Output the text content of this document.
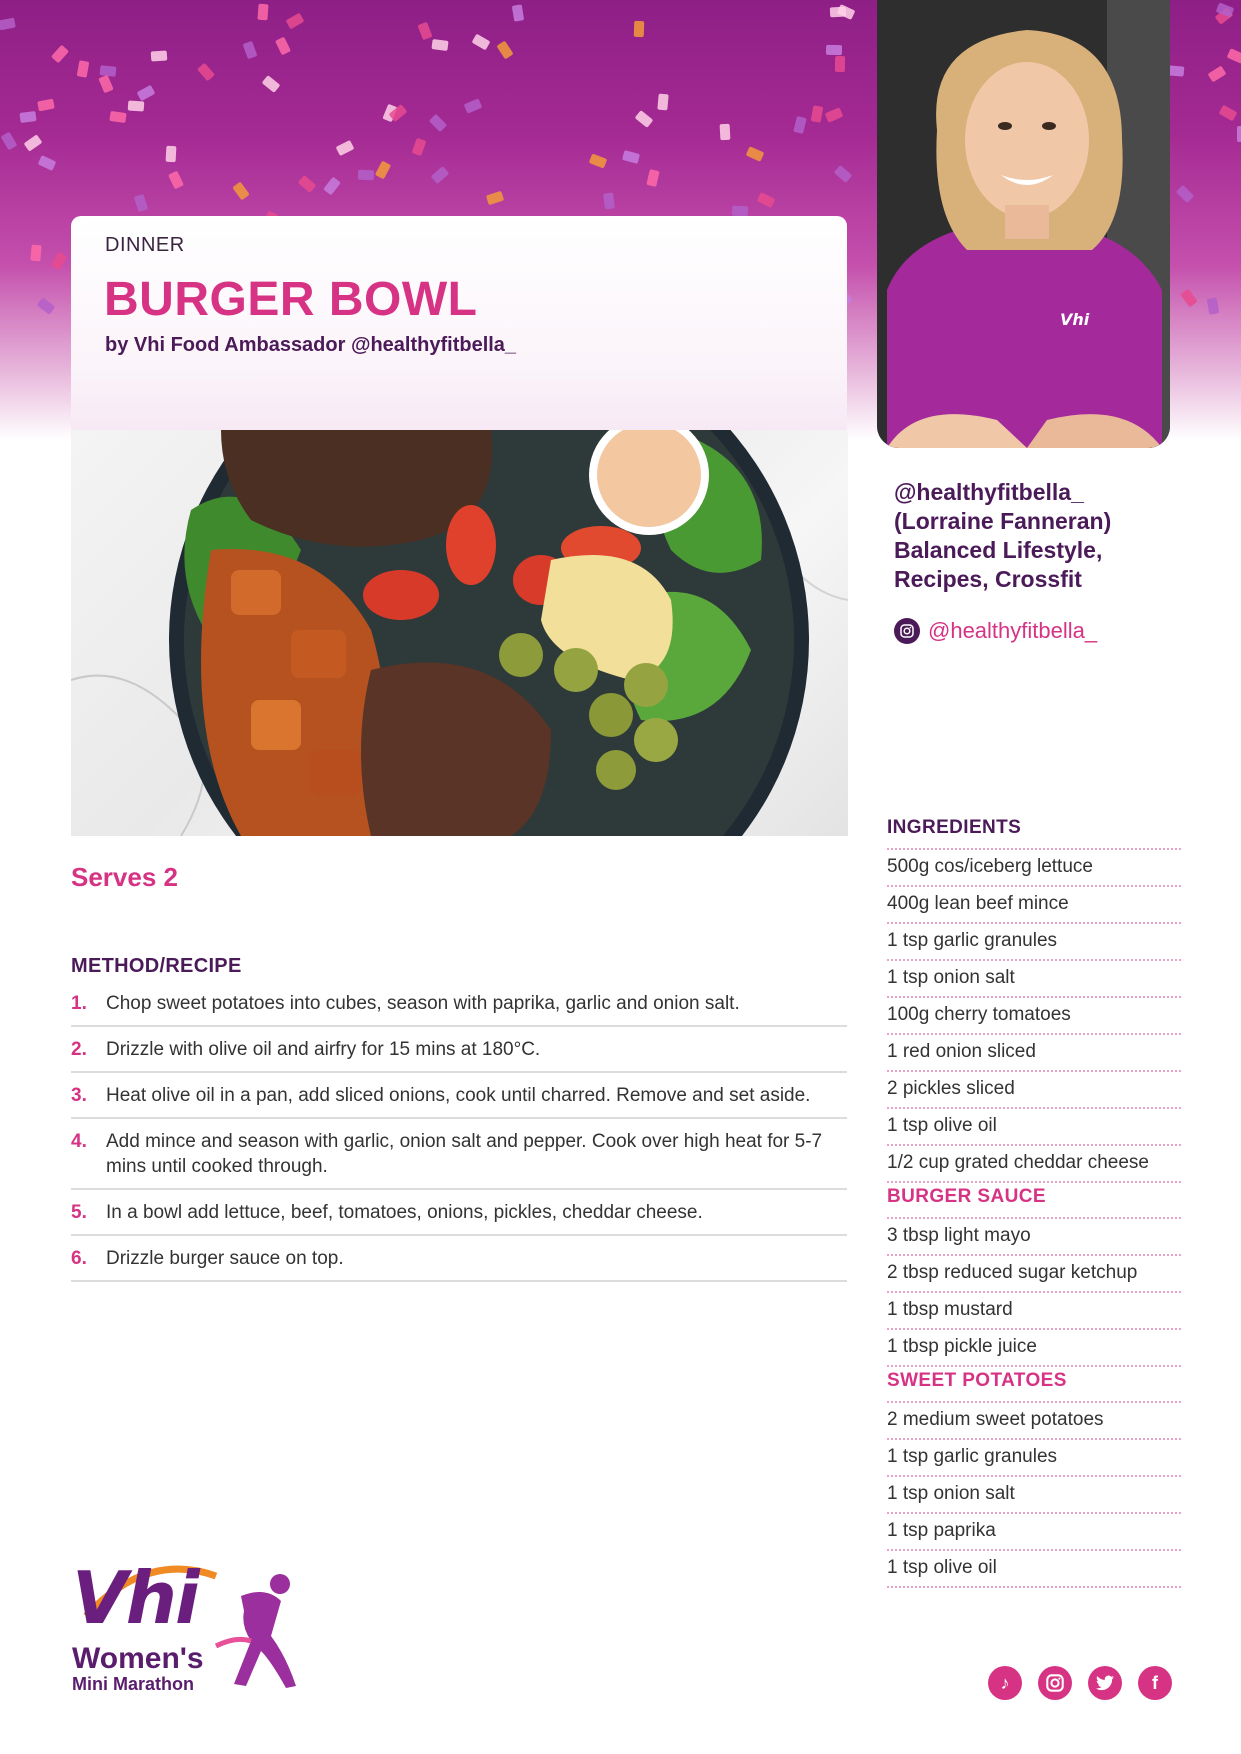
Vhi
DINNER
BURGER BOWL
by Vhi Food Ambassador @healthyfitbella_

@healthyfitbella_

(Lorraine Fanneran)

Balanced Lifestyle,

Recipes, Crossfit

@healthyfitbella_
Serves 2
METHOD/RECIPE
1.	Chop sweet potatoes into cubes, season with paprika, garlic and onion salt.
2.	Drizzle with olive oil and airfry for 15 mins at 180°C.
3.	Heat olive oil in a pan, add sliced onions, cook until charred. Remove and set aside.
4.	Add mince and season with garlic, onion salt and pepper. Cook over high heat for 5-7 mins until cooked through.
5.	In a bowl add lettuce, beef, tomatoes, onions, pickles, cheddar cheese.
6.	Drizzle burger sauce on top.
INGREDIENTS
500g cos/iceberg lettuce
400g lean beef mince
1 tsp garlic granules
1 tsp onion salt
100g cherry tomatoes
1 red onion sliced
2 pickles sliced
1 tsp olive oil
1/2 cup grated cheddar cheese
BURGER SAUCE
3 tbsp light mayo
2 tbsp reduced sugar ketchup
1 tbsp mustard
1 tbsp pickle juice
SWEET POTATOES
2 medium sweet potatoes
1 tsp garlic granules
1 tsp onion salt
1 tsp paprika
1 tsp olive oil
Vhi
Women's
Mini Marathon	♪	f
